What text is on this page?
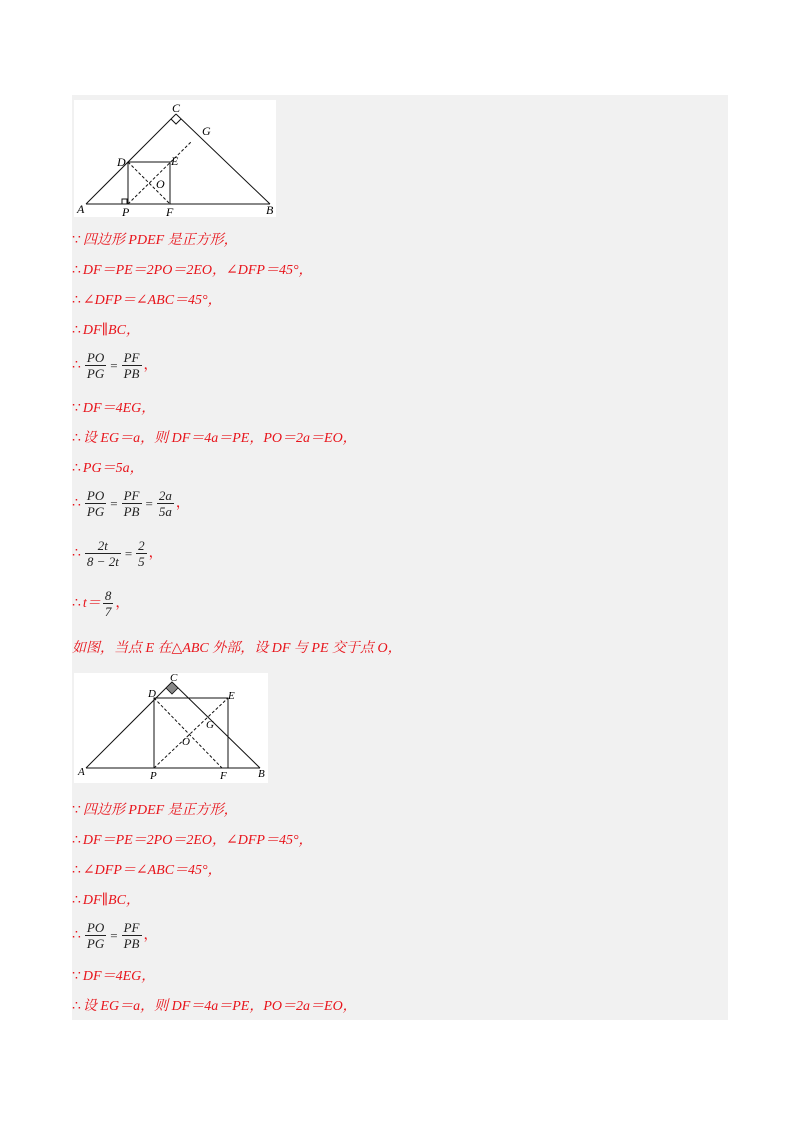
C
G
D	E
O
A	P	F	B
∵ 四边形 PDEF 是正方形，
∴ DF＝PE＝2PO＝2EO，∠DFP＝45°，
∴ ∠DFP＝∠ABC＝45°，
∴ DF∥BC，
∴ $\frac{PO}{PG} = \frac{PF}{PB}$ ，
∵ DF＝4EG，
∴ 设 EG＝a，则 DF＝4a＝PE，PO＝2a＝EO，
∴ PG＝5a，
∴ $\frac{PO}{PG} = \frac{PF}{PB} = \frac{2a}{5a}$ ，
∴ $\frac{2t}{8 - 2t} = \frac{2}{5}$ ，
∴ $t= \frac{8}{7}$ ，
如图，当点 E 在△ABC 外部，设 DF 与 PE 交于点 O，
C
D	E
G
O
A	P	F	B
∵ 四边形 PDEF 是正方形，
∴ DF＝PE＝2PO＝2EO，∠DFP＝45°，
∴ ∠DFP＝∠ABC＝45°，
∴ DF∥BC，
∴ $\frac{PO}{PG} = \frac{PF}{PB}$ ，
∵ DF＝4EG，
∴ 设 EG＝a，则 DF＝4a＝PE，PO＝2a＝EO，
